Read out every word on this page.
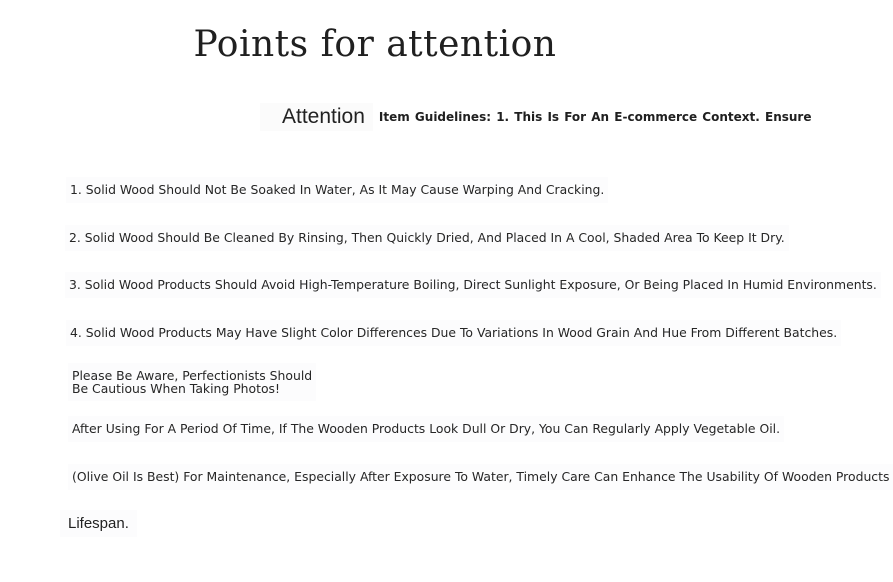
Points for attention
Attention	Item Guidelines: 1. This Is For An E-commerce Context. Ensure
1. Solid Wood Should Not Be Soaked In Water, As It May Cause Warping And Cracking.
2. Solid Wood Should Be Cleaned By Rinsing, Then Quickly Dried, And Placed In A Cool, Shaded Area To Keep It Dry.
3. Solid Wood Products Should Avoid High-Temperature Boiling, Direct Sunlight Exposure, Or Being Placed In Humid Environments.
4. Solid Wood Products May Have Slight Color Differences Due To Variations In Wood Grain And Hue From Different Batches.
Please Be Aware, Perfectionists Should
Be Cautious When Taking Photos!
After Using For A Period Of Time, If The Wooden Products Look Dull Or Dry, You Can Regularly Apply Vegetable Oil.
(Olive Oil Is Best) For Maintenance, Especially After Exposure To Water, Timely Care Can Enhance The Usability Of Wooden Products
Lifespan.
